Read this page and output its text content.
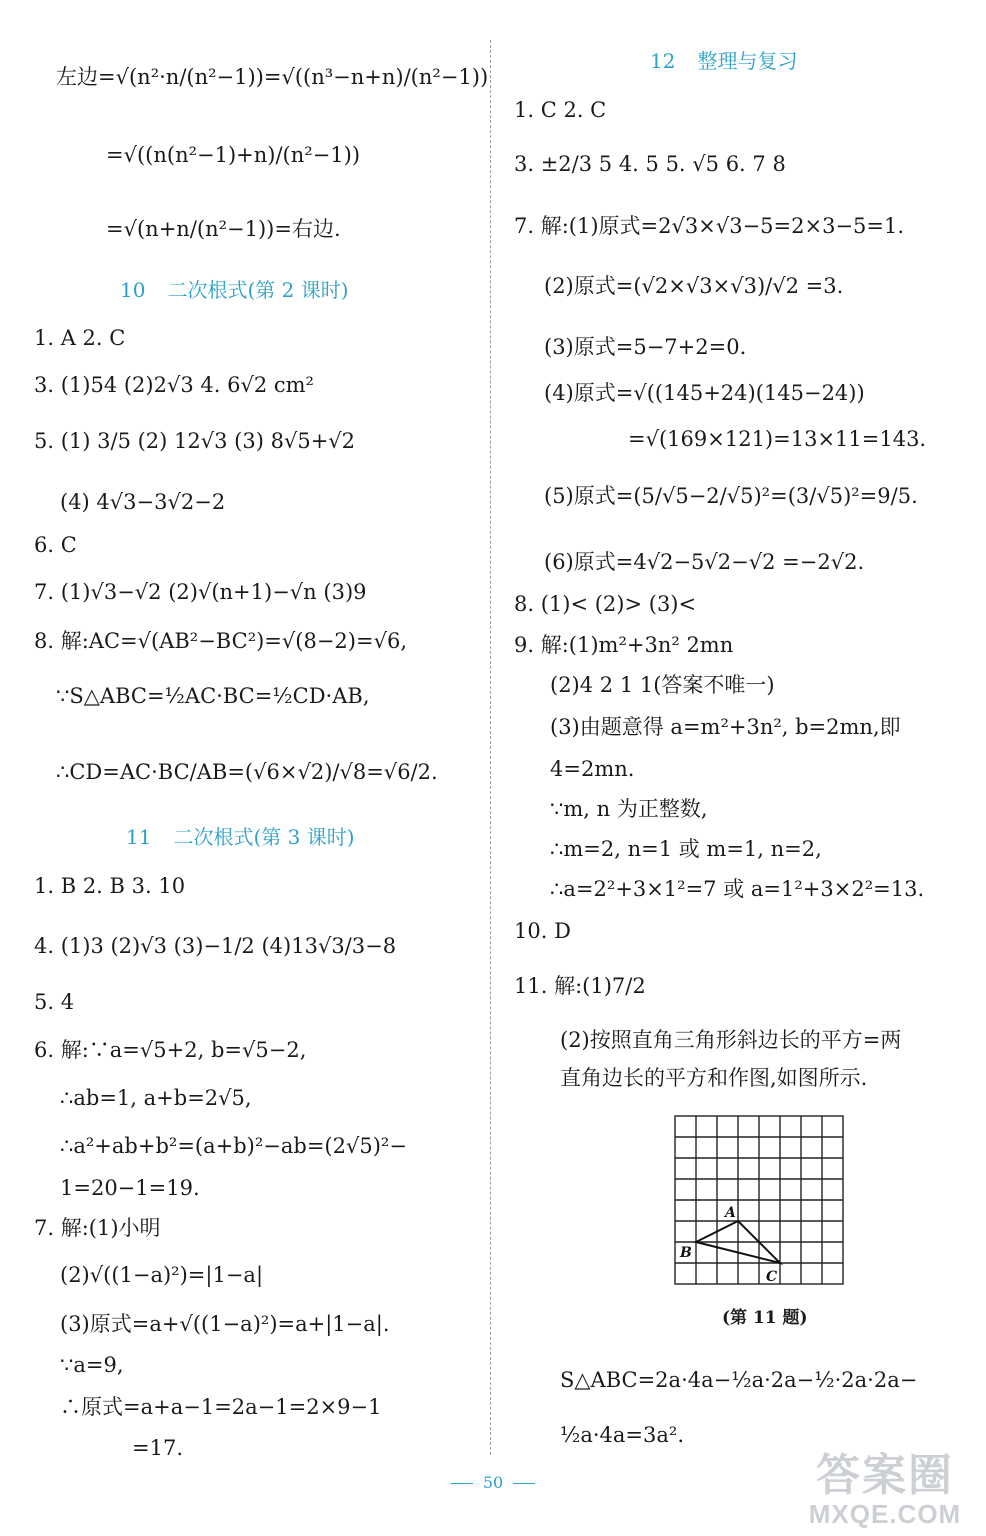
左边=√(n²·n/(n²−1))=√((n³−n+n)/(n²−1))
=√((n(n²−1)+n)/(n²−1))
=√(n+n/(n²−1))=右边.
10 二次根式(第 2 课时)
1. A 2. C
3. (1)54 (2)2√3 4. 6√2 cm²
5. (1) 3/5 (2) 12√3 (3) 8√5+√2
(4) 4√3−3√2−2
6. C
7. (1)√3−√2 (2)√(n+1)−√n (3)9
8. 解:AC=√(AB²−BC²)=√(8−2)=√6,
∵S△ABC=½AC·BC=½CD·AB,
∴CD=AC·BC/AB=(√6×√2)/√8=√6/2.
11 二次根式(第 3 课时)
1. B 2. B 3. 10
4. (1)3 (2)√3 (3)−1/2 (4)13√3/3−8
5. 4
6. 解:∵a=√5+2, b=√5−2,
∴ab=1, a+b=2√5,
∴a²+ab+b²=(a+b)²−ab=(2√5)²−
1=20−1=19.
7. 解:(1)小明
(2)√((1−a)²)=|1−a|
(3)原式=a+√((1−a)²)=a+|1−a|.
∵a=9,
∴原式=a+a−1=2a−1=2×9−1
=17.
12 整理与复习
1. C 2. C
3. ±2/3 5 4. 5 5. √5 6. 7 8
7. 解:(1)原式=2√3×√3−5=2×3−5=1.
(2)原式=(√2×√3×√3)/√2 =3.
(3)原式=5−7+2=0.
(4)原式=√((145+24)(145−24))
=√(169×121)=13×11=143.
(5)原式=(5/√5−2/√5)²=(3/√5)²=9/5.
(6)原式=4√2−5√2−√2 =−2√2.
8. (1)< (2)> (3)<
9. 解:(1)m²+3n² 2mn
(2)4 2 1 1(答案不唯一)
(3)由题意得 a=m²+3n², b=2mn,即
4=2mn.
∵m, n 为正整数,
∴m=2, n=1 或 m=1, n=2,
∴a=2²+3×1²=7 或 a=1²+3×2²=13.
10. D
11. 解:(1)7/2
(2)按照直角三角形斜边长的平方=两
直角边长的平方和作图,如图所示.
A
B
C
S△ABC=2a·4a−½a·2a−½·2a·2a−
½a·4a=3a².
(第 11 题)
50	答案圈
MXQE.COM
